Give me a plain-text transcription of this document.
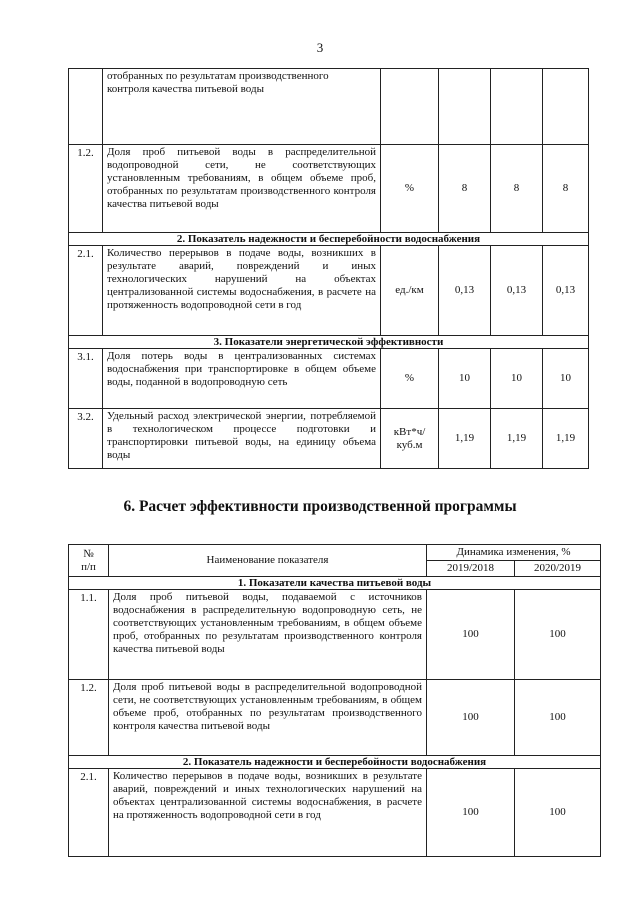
3
	отобранных по результатам производственного
контроля качества питьевой воды				
1.2.	Доля проб питьевой воды в распределительной водопроводной сети, не соответствующих установленным требованиям, в общем объеме проб, отобранных по результатам производственного контроля качества питьевой воды	%	8	8	8
2. Показатель надежности и бесперебойности водоснабжения					
2.1.	Количество перерывов в подаче воды, возникших в результате аварий, повреждений и иных технологических нарушений на объектах централизованной системы водоснабжения, в расчете на протяженность водопроводной сети в год	ед./км	0,13	0,13	0,13
3. Показатели энергетической эффективности					
3.1.	Доля потерь воды в централизованных системах водоснабжения при транспортировке в общем объеме воды, поданной в водопроводную сеть	%	10	10	10
3.2.	Удельный расход электрической энергии, потребляемой в технологическом процессе подготовки и транспортировки питьевой воды, на единицу объема воды	кВт*ч/
куб.м	1,19	1,19	1,19
6. Расчет эффективности производственной программы
№
п/п	Наименование показателя	Динамика изменения, %	
		2019/2018	2020/2019
1. Показатели качества питьевой воды			
1.1.	Доля проб питьевой воды, подаваемой с источников водоснабжения в распределительную водопроводную сеть, не соответствующих установленным требованиям, в общем объеме проб, отобранных по результатам производственного контроля качества питьевой воды	100	100
1.2.	Доля проб питьевой воды в распределительной водопроводной сети, не соответствующих установленным требованиям, в общем объеме проб, отобранных по результатам производственного контроля качества питьевой воды	100	100
2. Показатель надежности и бесперебойности водоснабжения			
2.1.	Количество перерывов в подаче воды, возникших в результате аварий, повреждений и иных технологических нарушений на объектах централизованной системы водоснабжения, в расчете на протяженность водопроводной сети в год	100	100
